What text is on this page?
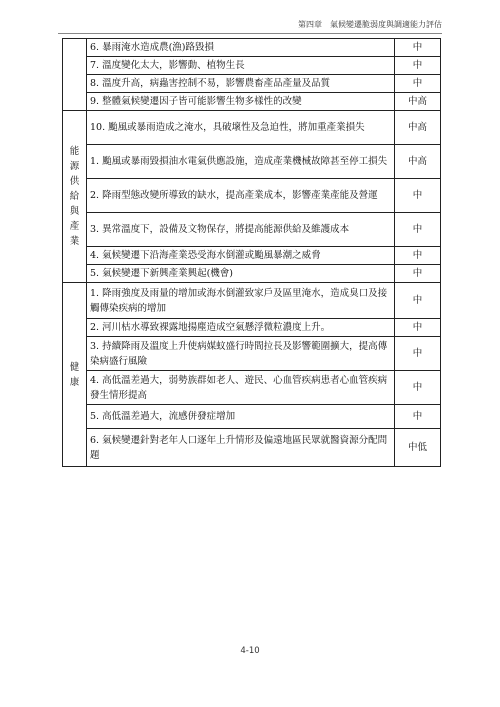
第四章　氣候變遷脆弱度與調適能力評估
	6. 暴雨淹水造成農(漁)路毀損	中
	7. 溫度變化太大，影響動、植物生長	中
	8. 溫度升高，病蟲害控制不易，影響農畜產品產量及品質	中
	9. 整體氣候變遷因子皆可能影響生物多樣性的改變	中高
能源供給與產業	10. 颱風或暴雨造成之淹水，具破壞性及急迫性，將加重產業損失	中高
	1. 颱風或暴雨毀損油水電氣供應設施，造成產業機械故障甚至停工損失	中高
	2. 降雨型態改變所導致的缺水，提高產業成本，影響產業產能及營運	中
	3. 異常溫度下，設備及文物保存，將提高能源供給及維護成本	中
	4. 氣候變遷下沿海產業恐受海水倒灌或颱風暴潮之威脅	中
	5. 氣候變遷下新興產業興起(機會)	中
健康	1. 降雨強度及雨量的增加或海水倒灌致家戶及區里淹水，造成臭口及接觸傳染疾病的增加	中
	2. 河川枯水導致裸露地揚塵造成空氣懸浮微粒濃度上升。	中
	3. 持續降雨及溫度上升使病媒蚊盛行時間拉長及影響範圍擴大，提高傳染病盛行風險	中
	4. 高低溫差過大，弱勢族群如老人、遊民、心血管疾病患者心血管疾病發生情形提高	中
	5. 高低溫差過大，流感併發症增加	中
	6. 氣候變遷針對老年人口逐年上升情形及偏遠地區民眾就醫資源分配問題	中低
4-10
